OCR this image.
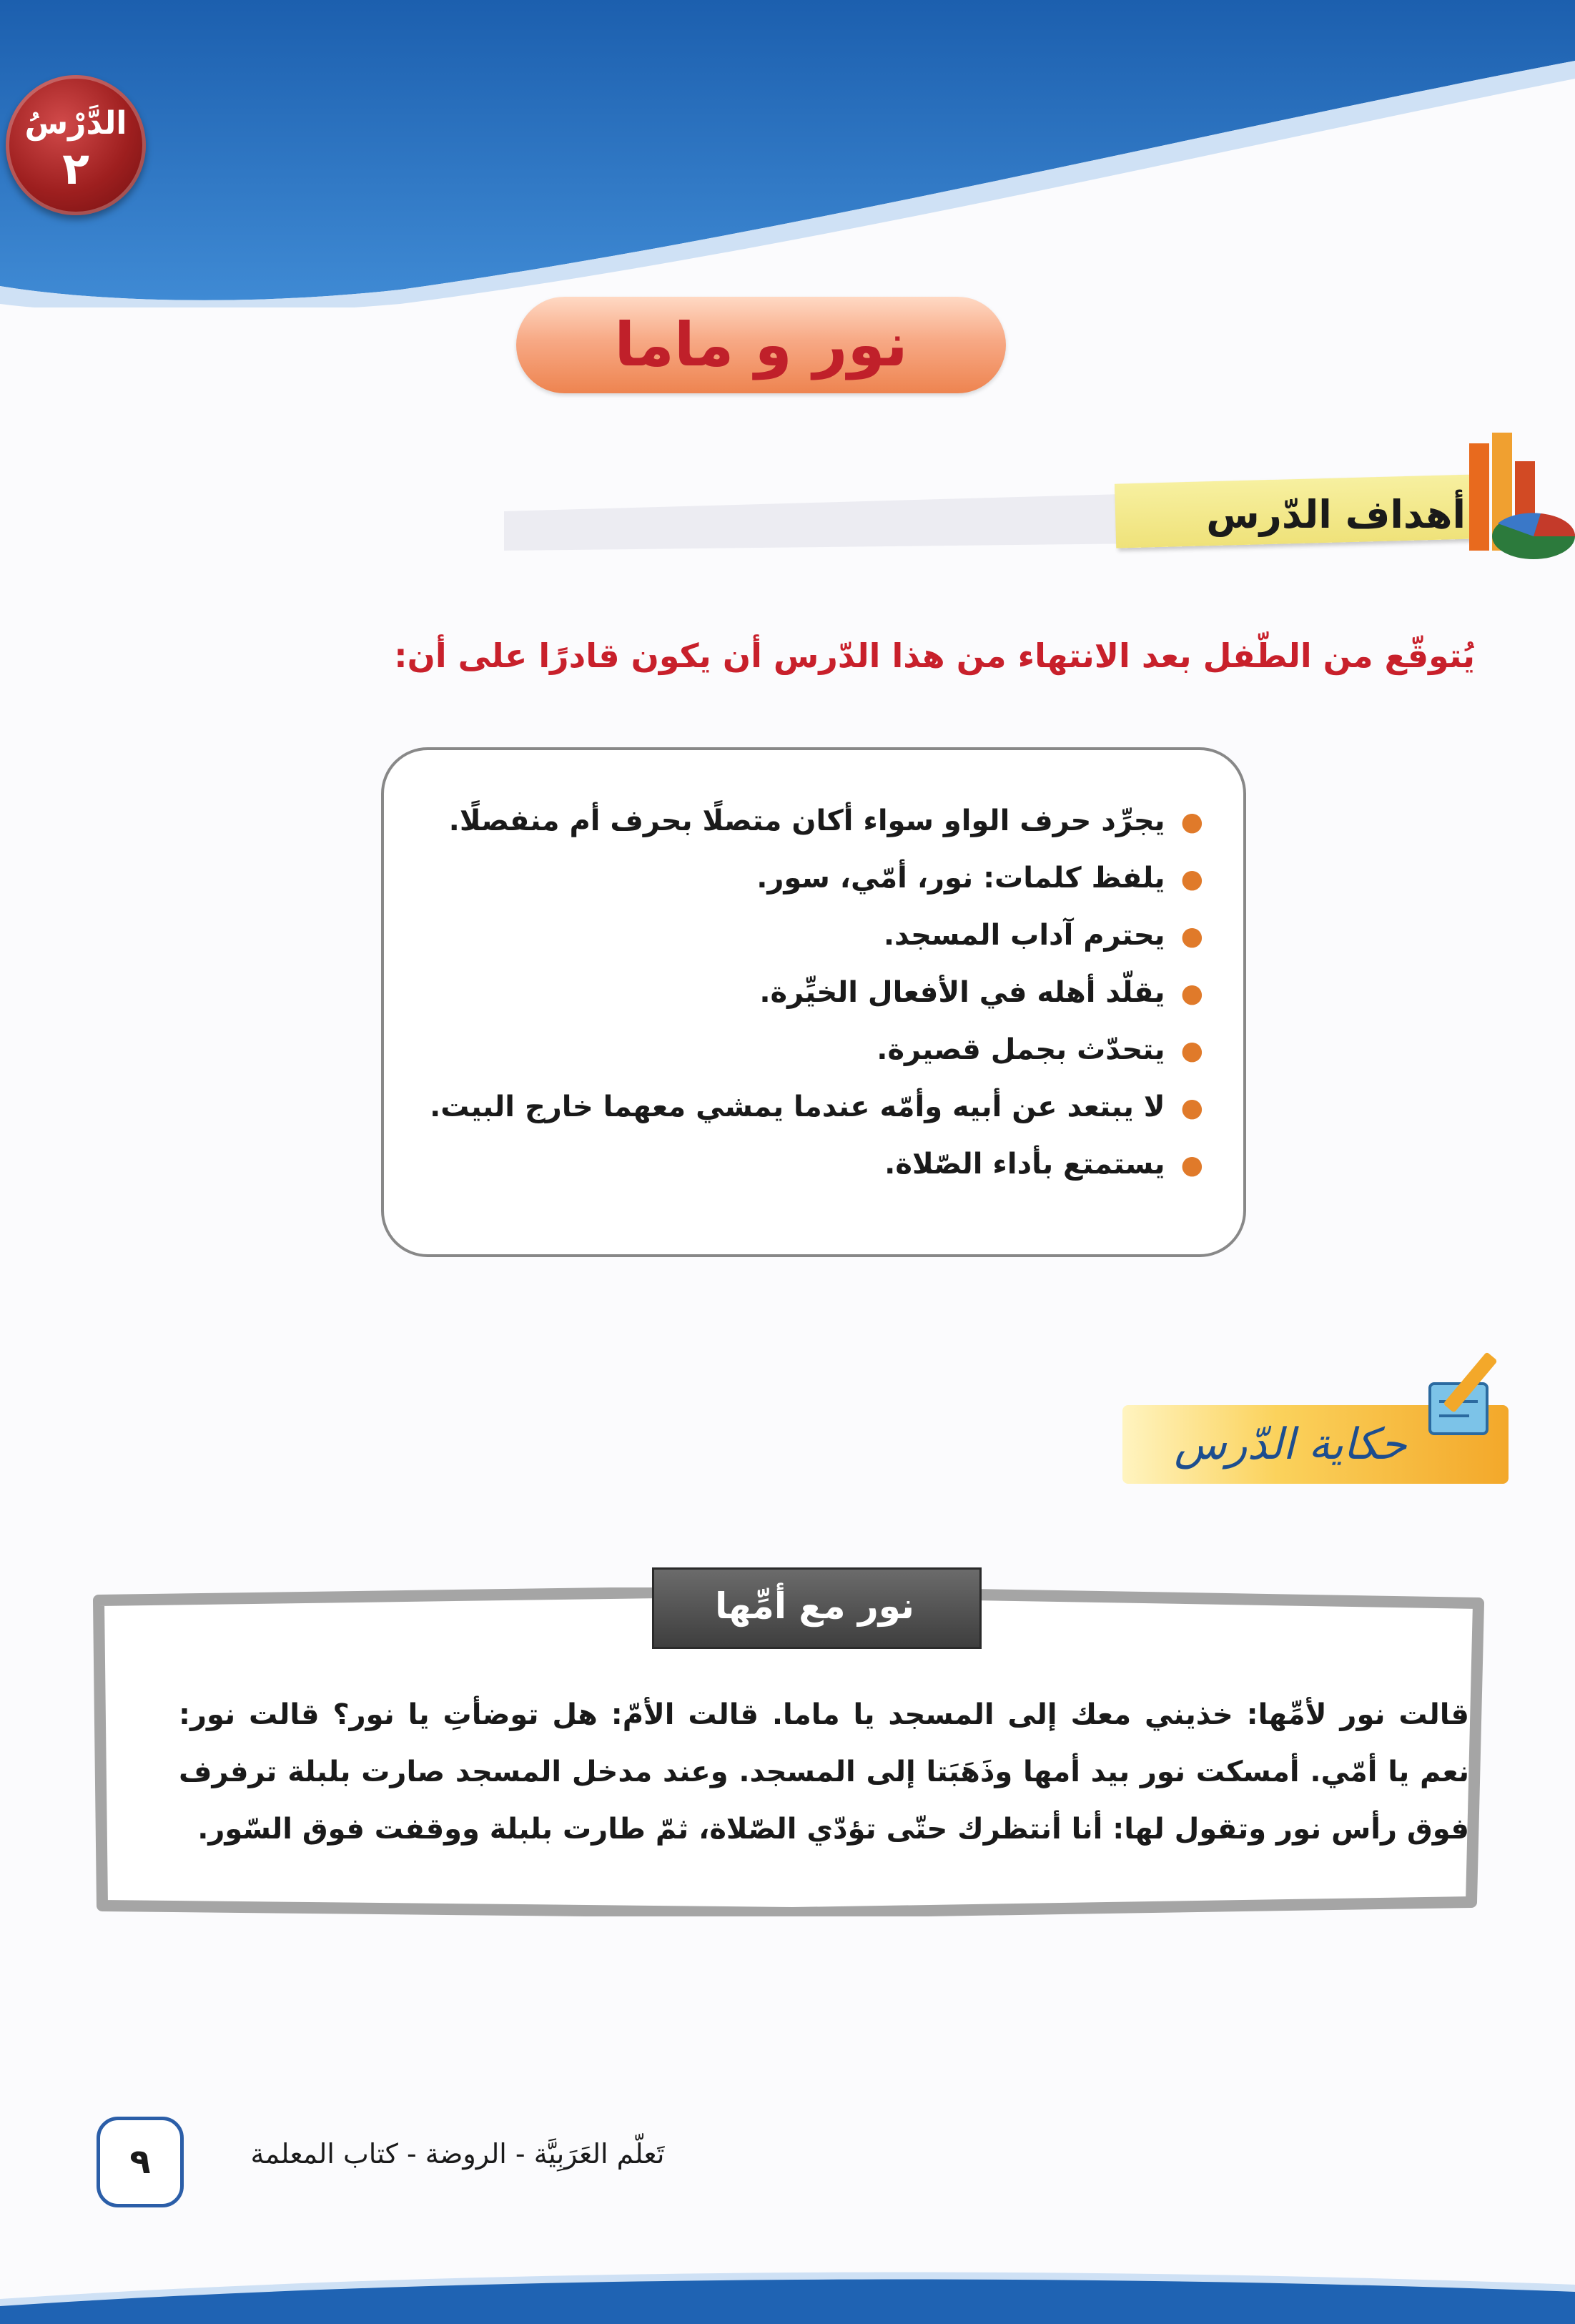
الدَّرْسُ
٢
نور و ماما
أهداف الدّرس
يُتوقّع من الطّفل بعد الانتهاء من هذا الدّرس أن يكون قادرًا على أن:
●يجرِّد حرف الواو سواء أكان متصلًا بحرف أم منفصلًا.
●يلفظ كلمات: نور، أمّي، سور.
●يحترم آداب المسجد.
●يقلّد أهله في الأفعال الخيِّرة.
●يتحدّث بجمل قصيرة.
●لا يبتعد عن أبيه وأمّه عندما يمشي معهما خارج البيت.
●يستمتع بأداء الصّلاة.
حكاية الدّرس
نور مع أمِّها
قالت نور لأمِّها: خذيني معك إلى المسجد يا ماما. قالت الأمّ: هل توضأتِ يا نور؟ قالت نور: نعم يا أمّي. أمسكت نور بيد أمها وذَهَبَتا إلى المسجد. وعند مدخل المسجد صارت بلبلة ترفرف فوق رأس نور وتقول لها: أنا أنتظرك حتّى تؤدّي الصّلاة، ثمّ طارت بلبلة ووقفت فوق السّور.
٩	تَعلّم العَرَبِيَّة - الروضة - كتاب المعلمة
